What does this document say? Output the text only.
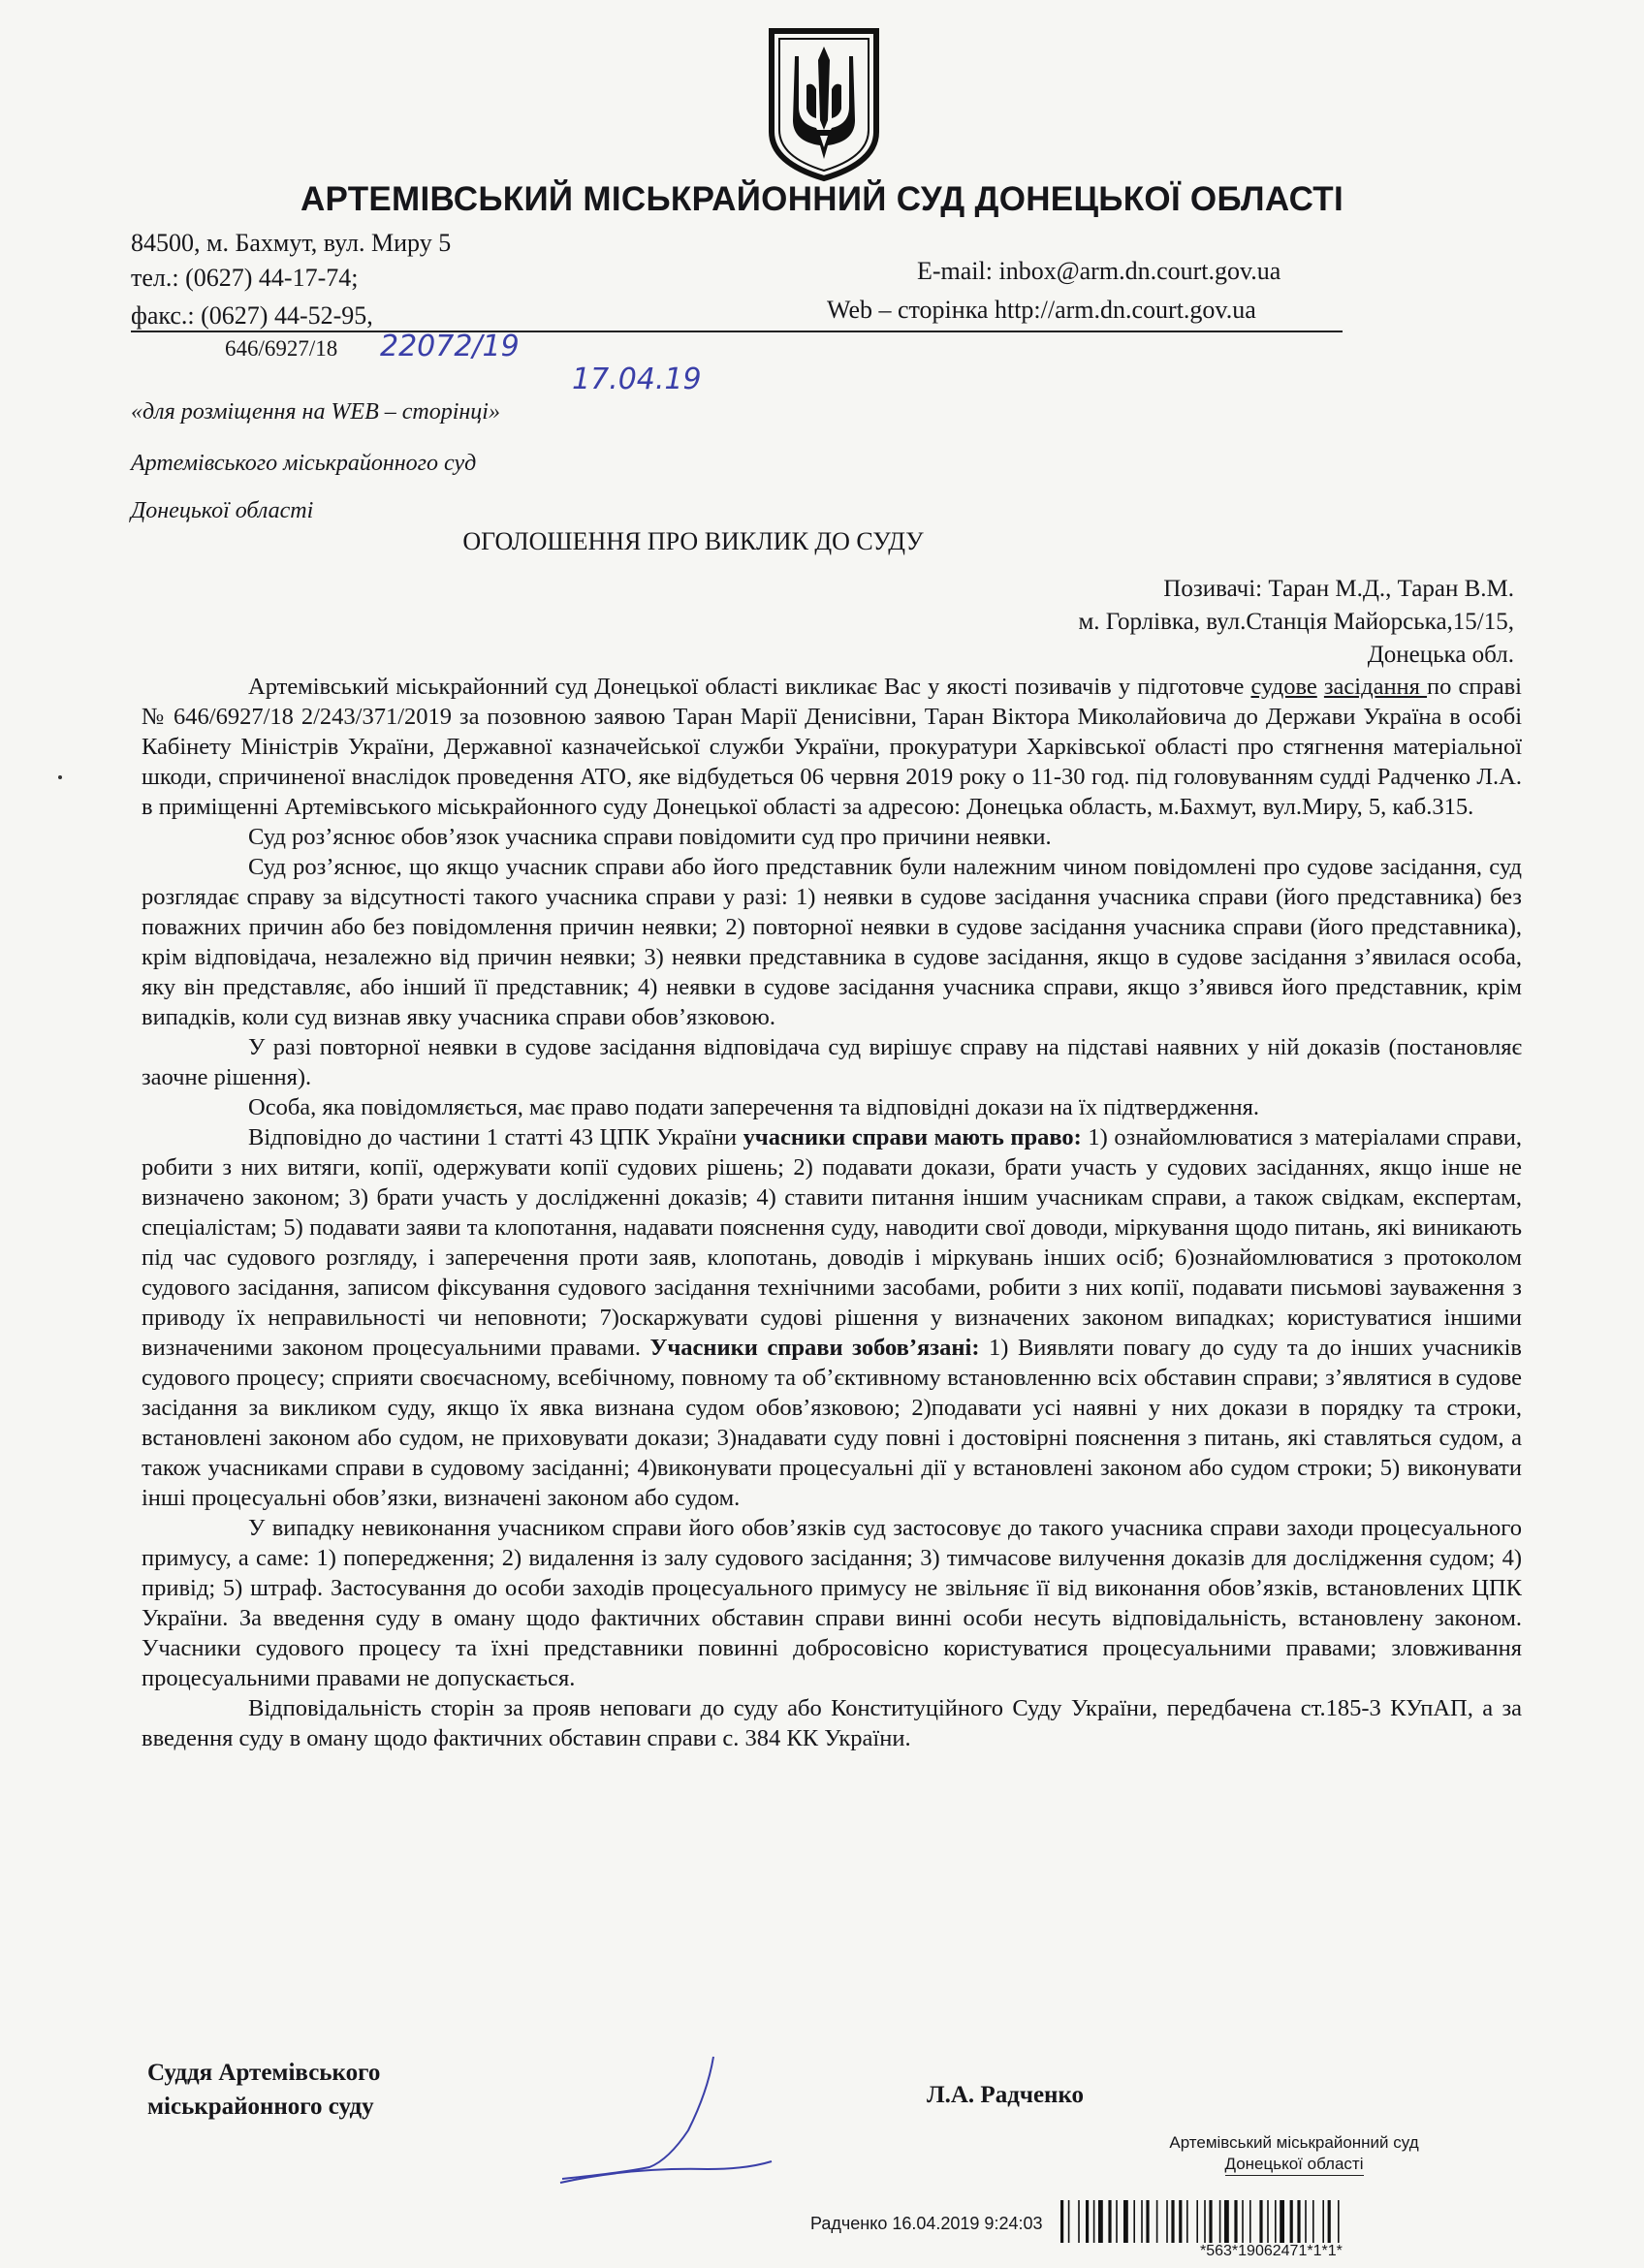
АРТЕМІВСЬКИЙ МІСЬКРАЙОННИЙ СУД ДОНЕЦЬКОЇ ОБЛАСТІ
84500, м. Бахмут, вул. Миру 5
тел.: (0627) 44-17-74;
факс.: (0627) 44-52-95,
E-mail: inbox@arm.dn.court.gov.ua
Web – сторінка http://arm.dn.court.gov.ua
646/6927/18 22072/19
17.04.19
«для розміщення на WEB – сторінці»
Артемівського міськрайонного суд
Донецької області
ОГОЛОШЕННЯ ПРО ВИКЛИК ДО СУДУ
Позивачі: Таран М.Д., Таран В.М.
м. Горлівка, вул.Станція Майорська,15/15,
Донецька обл.

Артемівський міськрайонний суд Донецької області викликає Вас у якості позивачів у підготовче судове засідання по справі № 646/6927/18 2/243/371/2019 за позовною заявою Таран Марії Денисівни, Таран Віктора Миколайовича до Держави Україна в особі Кабінету Міністрів України, Державної казначейської служби України, прокуратури Харківської області про стягнення матеріальної шкоди, спричиненої внаслідок проведення АТО, яке відбудеться 06 червня 2019 року о 11-30 год. під головуванням судді Радченко Л.А. в приміщенні Артемівського міськрайонного суду Донецької області за адресою: Донецька область, м.Бахмут, вул.Миру, 5, каб.315.

Суд роз’яснює обов’язок учасника справи повідомити суд про причини неявки.

Суд роз’яснює, що якщо учасник справи або його представник були належним чином повідомлені про судове засідання, суд розглядає справу за відсутності такого учасника справи у разі: 1) неявки в судове засідання учасника справи (його представника) без поважних причин або без повідомлення причин неявки; 2) повторної неявки в судове засідання учасника справи (його представника), крім відповідача, незалежно від причин неявки; 3) неявки представника в судове засідання, якщо в судове засідання з’явилася особа, яку він представляє, або інший її представник; 4) неявки в судове засідання учасника справи, якщо з’явився його представник, крім випадків, коли суд визнав явку учасника справи обов’язковою.

У разі повторної неявки в судове засідання відповідача суд вирішує справу на підставі наявних у ній доказів (постановляє заочне рішення).

Особа, яка повідомляється, має право подати заперечення та відповідні докази на їх підтвердження.

Відповідно до частини 1 статті 43 ЦПК України учасники справи мають право: 1) ознайомлюватися з матеріалами справи, робити з них витяги, копії, одержувати копії судових рішень; 2) подавати докази, брати участь у судових засіданнях, якщо інше не визначено законом; 3) брати участь у дослідженні доказів; 4) ставити питання іншим учасникам справи, а також свідкам, експертам, спеціалістам; 5) подавати заяви та клопотання, надавати пояснення суду, наводити свої доводи, міркування щодо питань, які виникають під час судового розгляду, і заперечення проти заяв, клопотань, доводів і міркувань інших осіб; 6)ознайомлюватися з протоколом судового засідання, записом фіксування судового засідання технічними засобами, робити з них копії, подавати письмові зауваження з приводу їх неправильності чи неповноти; 7)оскаржувати судові рішення у визначених законом випадках; користуватися іншими визначеними законом процесуальними правами. Учасники справи зобов’язані: 1) Виявляти повагу до суду та до інших учасників судового процесу; сприяти своєчасному, всебічному, повному та об’єктивному встановленню всіх обставин справи; з’являтися в судове засідання за викликом суду, якщо їх явка визнана судом обов’язковою; 2)подавати усі наявні у них докази в порядку та строки, встановлені законом або судом, не приховувати докази; 3)надавати суду повні і достовірні пояснення з питань, які ставляться судом, а також учасниками справи в судовому засіданні; 4)виконувати процесуальні дії у встановлені законом або судом строки; 5) виконувати інші процесуальні обов’язки, визначені законом або судом.

У випадку невиконання учасником справи його обов’язків суд застосовує до такого учасника справи заходи процесуального примусу, а саме: 1) попередження; 2) видалення із залу судового засідання; 3) тимчасове вилучення доказів для дослідження судом; 4) привід; 5) штраф. Застосування до особи заходів процесуального примусу не звільняє її від виконання обов’язків, встановлених ЦПК України. За введення суду в оману щодо фактичних обставин справи винні особи несуть відповідальність, встановлену законом. Учасники судового процесу та їхні представники повинні добросовісно користуватися процесуальними правами; зловживання процесуальними правами не допускається.

Відповідальність сторін за прояв неповаги до суду або Конституційного Суду України, передбачена ст.185-3 КУпАП, а за введення суду в оману щодо фактичних обставин справи с. 384 КК України.

Суддя Артемівського
міськрайонного суду	Л.А. Радченко
Артемівський міськрайонний суд
Донецької області
Радченко 16.04.2019 9:24:03
*563*19062471*1*1*
